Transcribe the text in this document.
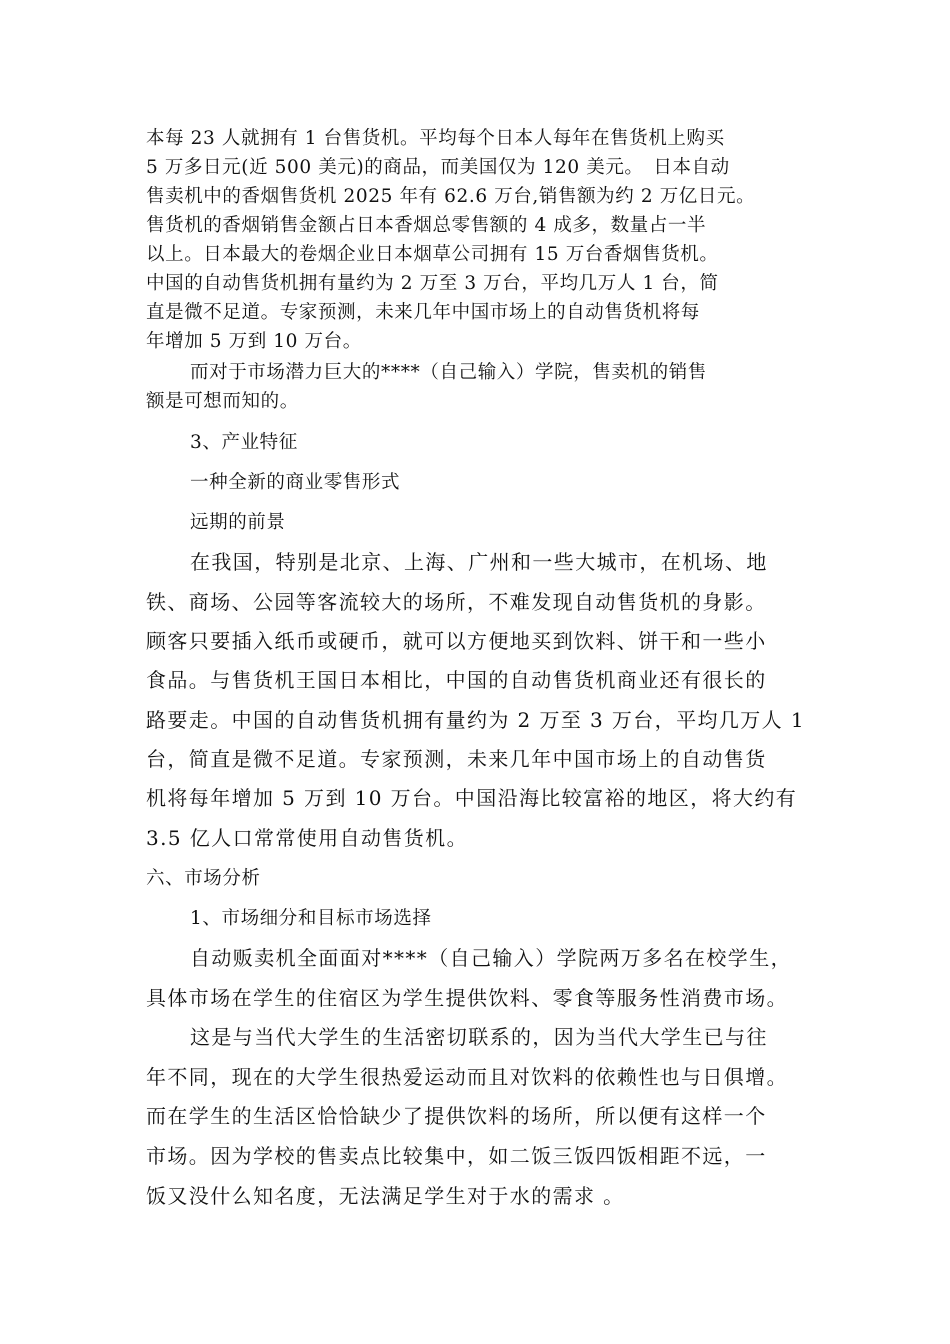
本每 23 人就拥有 1 台售货机。平均每个日本人每年在售货机上购买
5 万多日元(近 500 美元)的商品，而美国仅为 120 美元。　日本自动
售卖机中的香烟售货机 2025 年有 62.6 万台,销售额为约 2 万亿日元。
售货机的香烟销售金额占日本香烟总零售额的 4 成多，数量占一半
以上。日本最大的卷烟企业日本烟草公司拥有 15 万台香烟售货机。
中国的自动售货机拥有量约为 2 万至 3 万台，平均几万人 1 台，简
直是微不足道。专家预测，未来几年中国市场上的自动售货机将每
年增加 5 万到 10 万台。
而对于市场潜力巨大的****（自己输入）学院，售卖机的销售
额是可想而知的。
3、产业特征
一种全新的商业零售形式
远期的前景
在我国，特别是北京、上海、广州和一些大城市，在机场、地
铁、商场、公园等客流较大的场所，不难发现自动售货机的身影。
顾客只要插入纸币或硬币，就可以方便地买到饮料、饼干和一些小
食品。与售货机王国日本相比，中国的自动售货机商业还有很长的
路要走。中国的自动售货机拥有量约为 2 万至 3 万台，平均几万人 1
台，简直是微不足道。专家预测，未来几年中国市场上的自动售货
机将每年增加 5 万到 10 万台。中国沿海比较富裕的地区，将大约有
3.5 亿人口常常使用自动售货机。
六、市场分析
1、市场细分和目标市场选择
自动贩卖机全面面对****（自己输入）学院两万多名在校学生，
具体市场在学生的住宿区为学生提供饮料、零食等服务性消费市场。
这是与当代大学生的生活密切联系的，因为当代大学生已与往
年不同，现在的大学生很热爱运动而且对饮料的依赖性也与日俱增。
而在学生的生活区恰恰缺少了提供饮料的场所，所以便有这样一个
市场。因为学校的售卖点比较集中，如二饭三饭四饭相距不远，一
饭又没什么知名度，无法满足学生对于水的需求 。
